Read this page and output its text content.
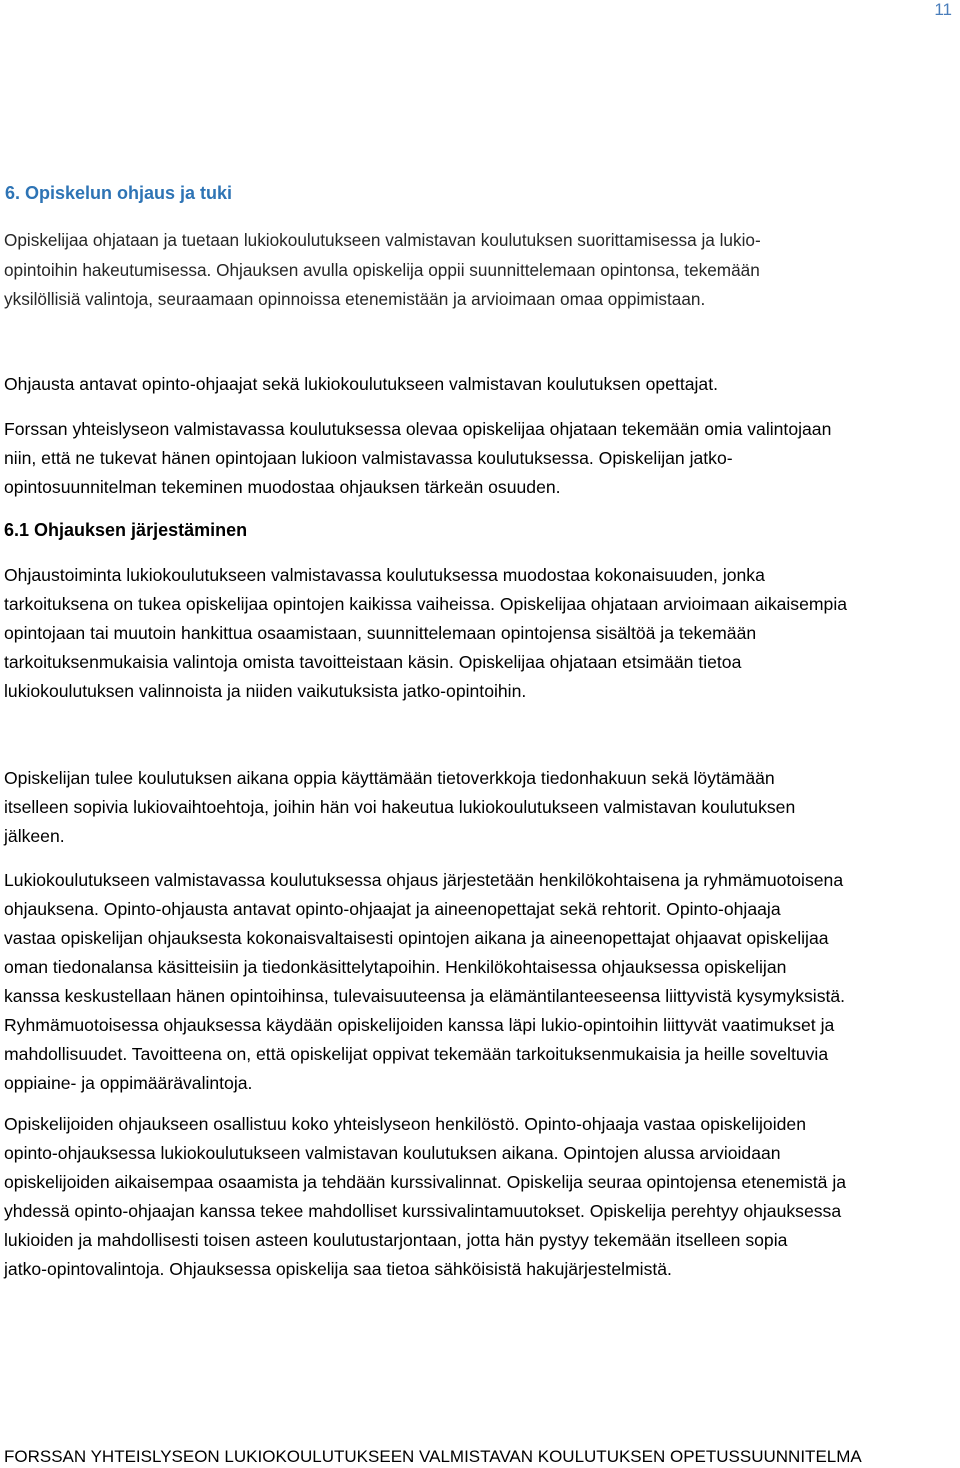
11
6. Opiskelun ohjaus ja tuki

Opiskelijaa ohjataan ja tuetaan lukiokoulutukseen valmistavan koulutuksen suorittamisessa ja lukio-
opintoihin hakeutumisessa. Ohjauksen avulla opiskelija oppii suunnittelemaan opintonsa, tekemään
yksilöllisiä valintoja, seuraamaan opinnoissa etenemistään ja arvioimaan omaa oppimistaan.

Ohjausta antavat opinto-ohjaajat sekä lukiokoulutukseen valmistavan koulutuksen opettajat.

Forssan yhteislyseon valmistavassa koulutuksessa olevaa opiskelijaa ohjataan tekemään omia valintojaan
niin, että ne tukevat hänen opintojaan lukioon valmistavassa koulutuksessa. Opiskelijan jatko-
opintosuunnitelman tekeminen muodostaa ohjauksen tärkeän osuuden.

6.1 Ohjauksen järjestäminen

Ohjaustoiminta lukiokoulutukseen valmistavassa koulutuksessa muodostaa kokonaisuuden, jonka
tarkoituksena on tukea opiskelijaa opintojen kaikissa vaiheissa. Opiskelijaa ohjataan arvioimaan aikaisempia
opintojaan tai muutoin hankittua osaamistaan, suunnittelemaan opintojensa sisältöä ja tekemään
tarkoituksenmukaisia valintoja omista tavoitteistaan käsin. Opiskelijaa ohjataan etsimään tietoa
lukiokoulutuksen valinnoista ja niiden vaikutuksista jatko-opintoihin.

Opiskelijan tulee koulutuksen aikana oppia käyttämään tietoverkkoja tiedonhakuun sekä löytämään
itselleen sopivia lukiovaihtoehtoja, joihin hän voi hakeutua lukiokoulutukseen valmistavan koulutuksen
jälkeen.

Lukiokoulutukseen valmistavassa koulutuksessa ohjaus järjestetään henkilökohtaisena ja ryhmämuotoisena
ohjauksena. Opinto-ohjausta antavat opinto-ohjaajat ja aineenopettajat sekä rehtorit. Opinto-ohjaaja
vastaa opiskelijan ohjauksesta kokonaisvaltaisesti opintojen aikana ja aineenopettajat ohjaavat opiskelijaa
oman tiedonalansa käsitteisiin ja tiedonkäsittelytapoihin. Henkilökohtaisessa ohjauksessa opiskelijan
kanssa keskustellaan hänen opintoihinsa, tulevaisuuteensa ja elämäntilanteeseensa liittyvistä kysymyksistä.
Ryhmämuotoisessa ohjauksessa käydään opiskelijoiden kanssa läpi lukio-opintoihin liittyvät vaatimukset ja
mahdollisuudet. Tavoitteena on, että opiskelijat oppivat tekemään tarkoituksenmukaisia ja heille soveltuvia
oppiaine- ja oppimäärävalintoja.

Opiskelijoiden ohjaukseen osallistuu koko yhteislyseon henkilöstö. Opinto-ohjaaja vastaa opiskelijoiden
opinto-ohjauksessa lukiokoulutukseen valmistavan koulutuksen aikana. Opintojen alussa arvioidaan
opiskelijoiden aikaisempaa osaamista ja tehdään kurssivalinnat. Opiskelija seuraa opintojensa etenemistä ja
yhdessä opinto-ohjaajan kanssa tekee mahdolliset kurssivalintamuutokset. Opiskelija perehtyy ohjauksessa
lukioiden ja mahdollisesti toisen asteen koulutustarjontaan, jotta hän pystyy tekemään itselleen sopia
jatko-opintovalintoja. Ohjauksessa opiskelija saa tietoa sähköisistä hakujärjestelmistä.

FORSSAN YHTEISLYSEON LUKIOKOULUTUKSEEN VALMISTAVAN KOULUTUKSEN OPETUSSUUNNITELMA
